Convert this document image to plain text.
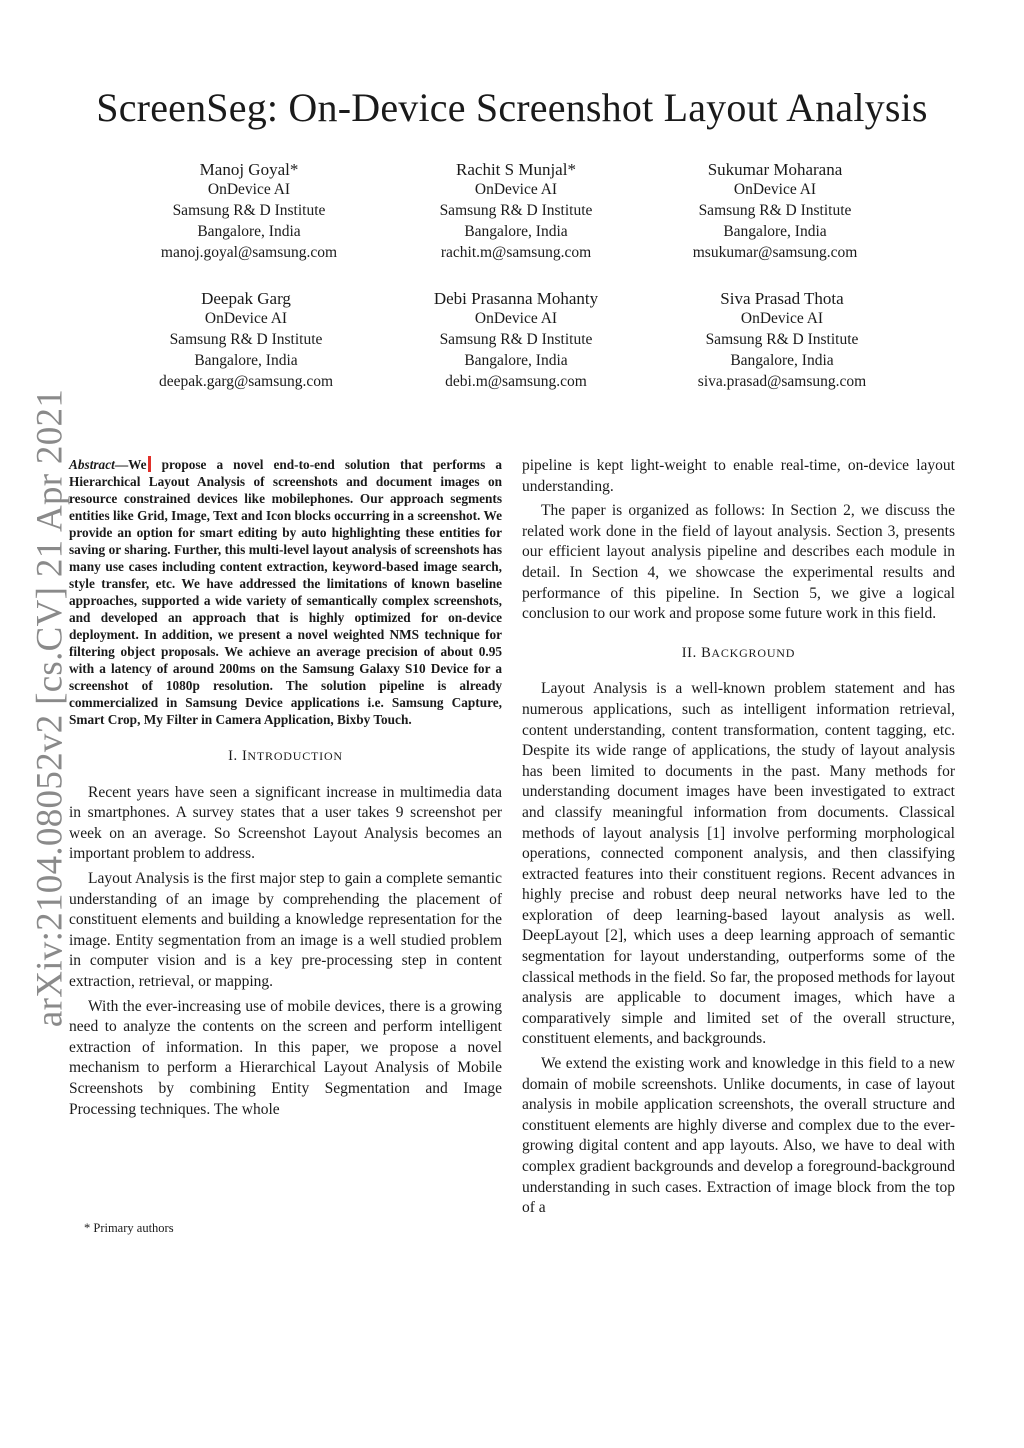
ScreenSeg: On-Device Screenshot Layout Analysis
Manoj Goyal*
OnDevice AI
Samsung R& D Institute
Bangalore, India
manoj.goyal@samsung.com
Rachit S Munjal*
OnDevice AI
Samsung R& D Institute
Bangalore, India
rachit.m@samsung.com
Sukumar Moharana
OnDevice AI
Samsung R& D Institute
Bangalore, India
msukumar@samsung.com
Deepak Garg
OnDevice AI
Samsung R& D Institute
Bangalore, India
deepak.garg@samsung.com
Debi Prasanna Mohanty
OnDevice AI
Samsung R& D Institute
Bangalore, India
debi.m@samsung.com
Siva Prasad Thota
OnDevice AI
Samsung R& D Institute
Bangalore, India
siva.prasad@samsung.com
arXiv:2104.08052v2 [cs.CV] 21 Apr 2021
Abstract—We propose a novel end-to-end solution that performs a Hierarchical Layout Analysis of screenshots and document images on resource constrained devices like mobilephones. Our approach segments entities like Grid, Image, Text and Icon blocks occurring in a screenshot. We provide an option for smart editing by auto highlighting these entities for saving or sharing. Further, this multi-level layout analysis of screenshots has many use cases including content extraction, keyword-based image search, style transfer, etc. We have addressed the limitations of known baseline approaches, supported a wide variety of semantically complex screenshots, and developed an approach that is highly optimized for on-device deployment. In addition, we present a novel weighted NMS technique for filtering object proposals. We achieve an average precision of about 0.95 with a latency of around 200ms on the Samsung Galaxy S10 Device for a screenshot of 1080p resolution. The solution pipeline is already commercialized in Samsung Device applications i.e. Samsung Capture, Smart Crop, My Filter in Camera Application, Bixby Touch.
I. INTRODUCTION

Recent years have seen a significant increase in multimedia data in smartphones. A survey states that a user takes 9 screenshot per week on an average. So Screenshot Layout Analysis becomes an important problem to address.

Layout Analysis is the first major step to gain a complete semantic understanding of an image by comprehending the placement of constituent elements and building a knowledge representation for the image. Entity segmentation from an image is a well studied problem in computer vision and is a key pre-processing step in content extraction, retrieval, or mapping.

With the ever-increasing use of mobile devices, there is a growing need to analyze the contents on the screen and perform intelligent extraction of information. In this paper, we propose a novel mechanism to perform a Hierarchical Layout Analysis of Mobile Screenshots by combining Entity Segmentation and Image Processing techniques. The whole

* Primary authors

pipeline is kept light-weight to enable real-time, on-device layout understanding.

The paper is organized as follows: In Section 2, we discuss the related work done in the field of layout analysis. Section 3, presents our efficient layout analysis pipeline and describes each module in detail. In Section 4, we showcase the experimental results and performance of this pipeline. In Section 5, we give a logical conclusion to our work and propose some future work in this field.

II. BACKGROUND

Layout Analysis is a well-known problem statement and has numerous applications, such as intelligent information retrieval, content understanding, content transformation, content tagging, etc. Despite its wide range of applications, the study of layout analysis has been limited to documents in the past. Many methods for understanding document images have been investigated to extract and classify meaningful information from documents. Classical methods of layout analysis [1] involve performing morphological operations, connected component analysis, and then classifying extracted features into their constituent regions. Recent advances in highly precise and robust deep neural networks have led to the exploration of deep learning-based layout analysis as well. DeepLayout [2], which uses a deep learning approach of semantic segmentation for layout understanding, outperforms some of the classical methods in the field. So far, the proposed methods for layout analysis are applicable to document images, which have a comparatively simple and limited set of the overall structure, constituent elements, and backgrounds.

We extend the existing work and knowledge in this field to a new domain of mobile screenshots. Unlike documents, in case of layout analysis in mobile application screenshots, the overall structure and constituent elements are highly diverse and complex due to the ever-growing digital content and app layouts. Also, we have to deal with complex gradient backgrounds and develop a foreground-background understanding in such cases. Extraction of image block from the top of a
